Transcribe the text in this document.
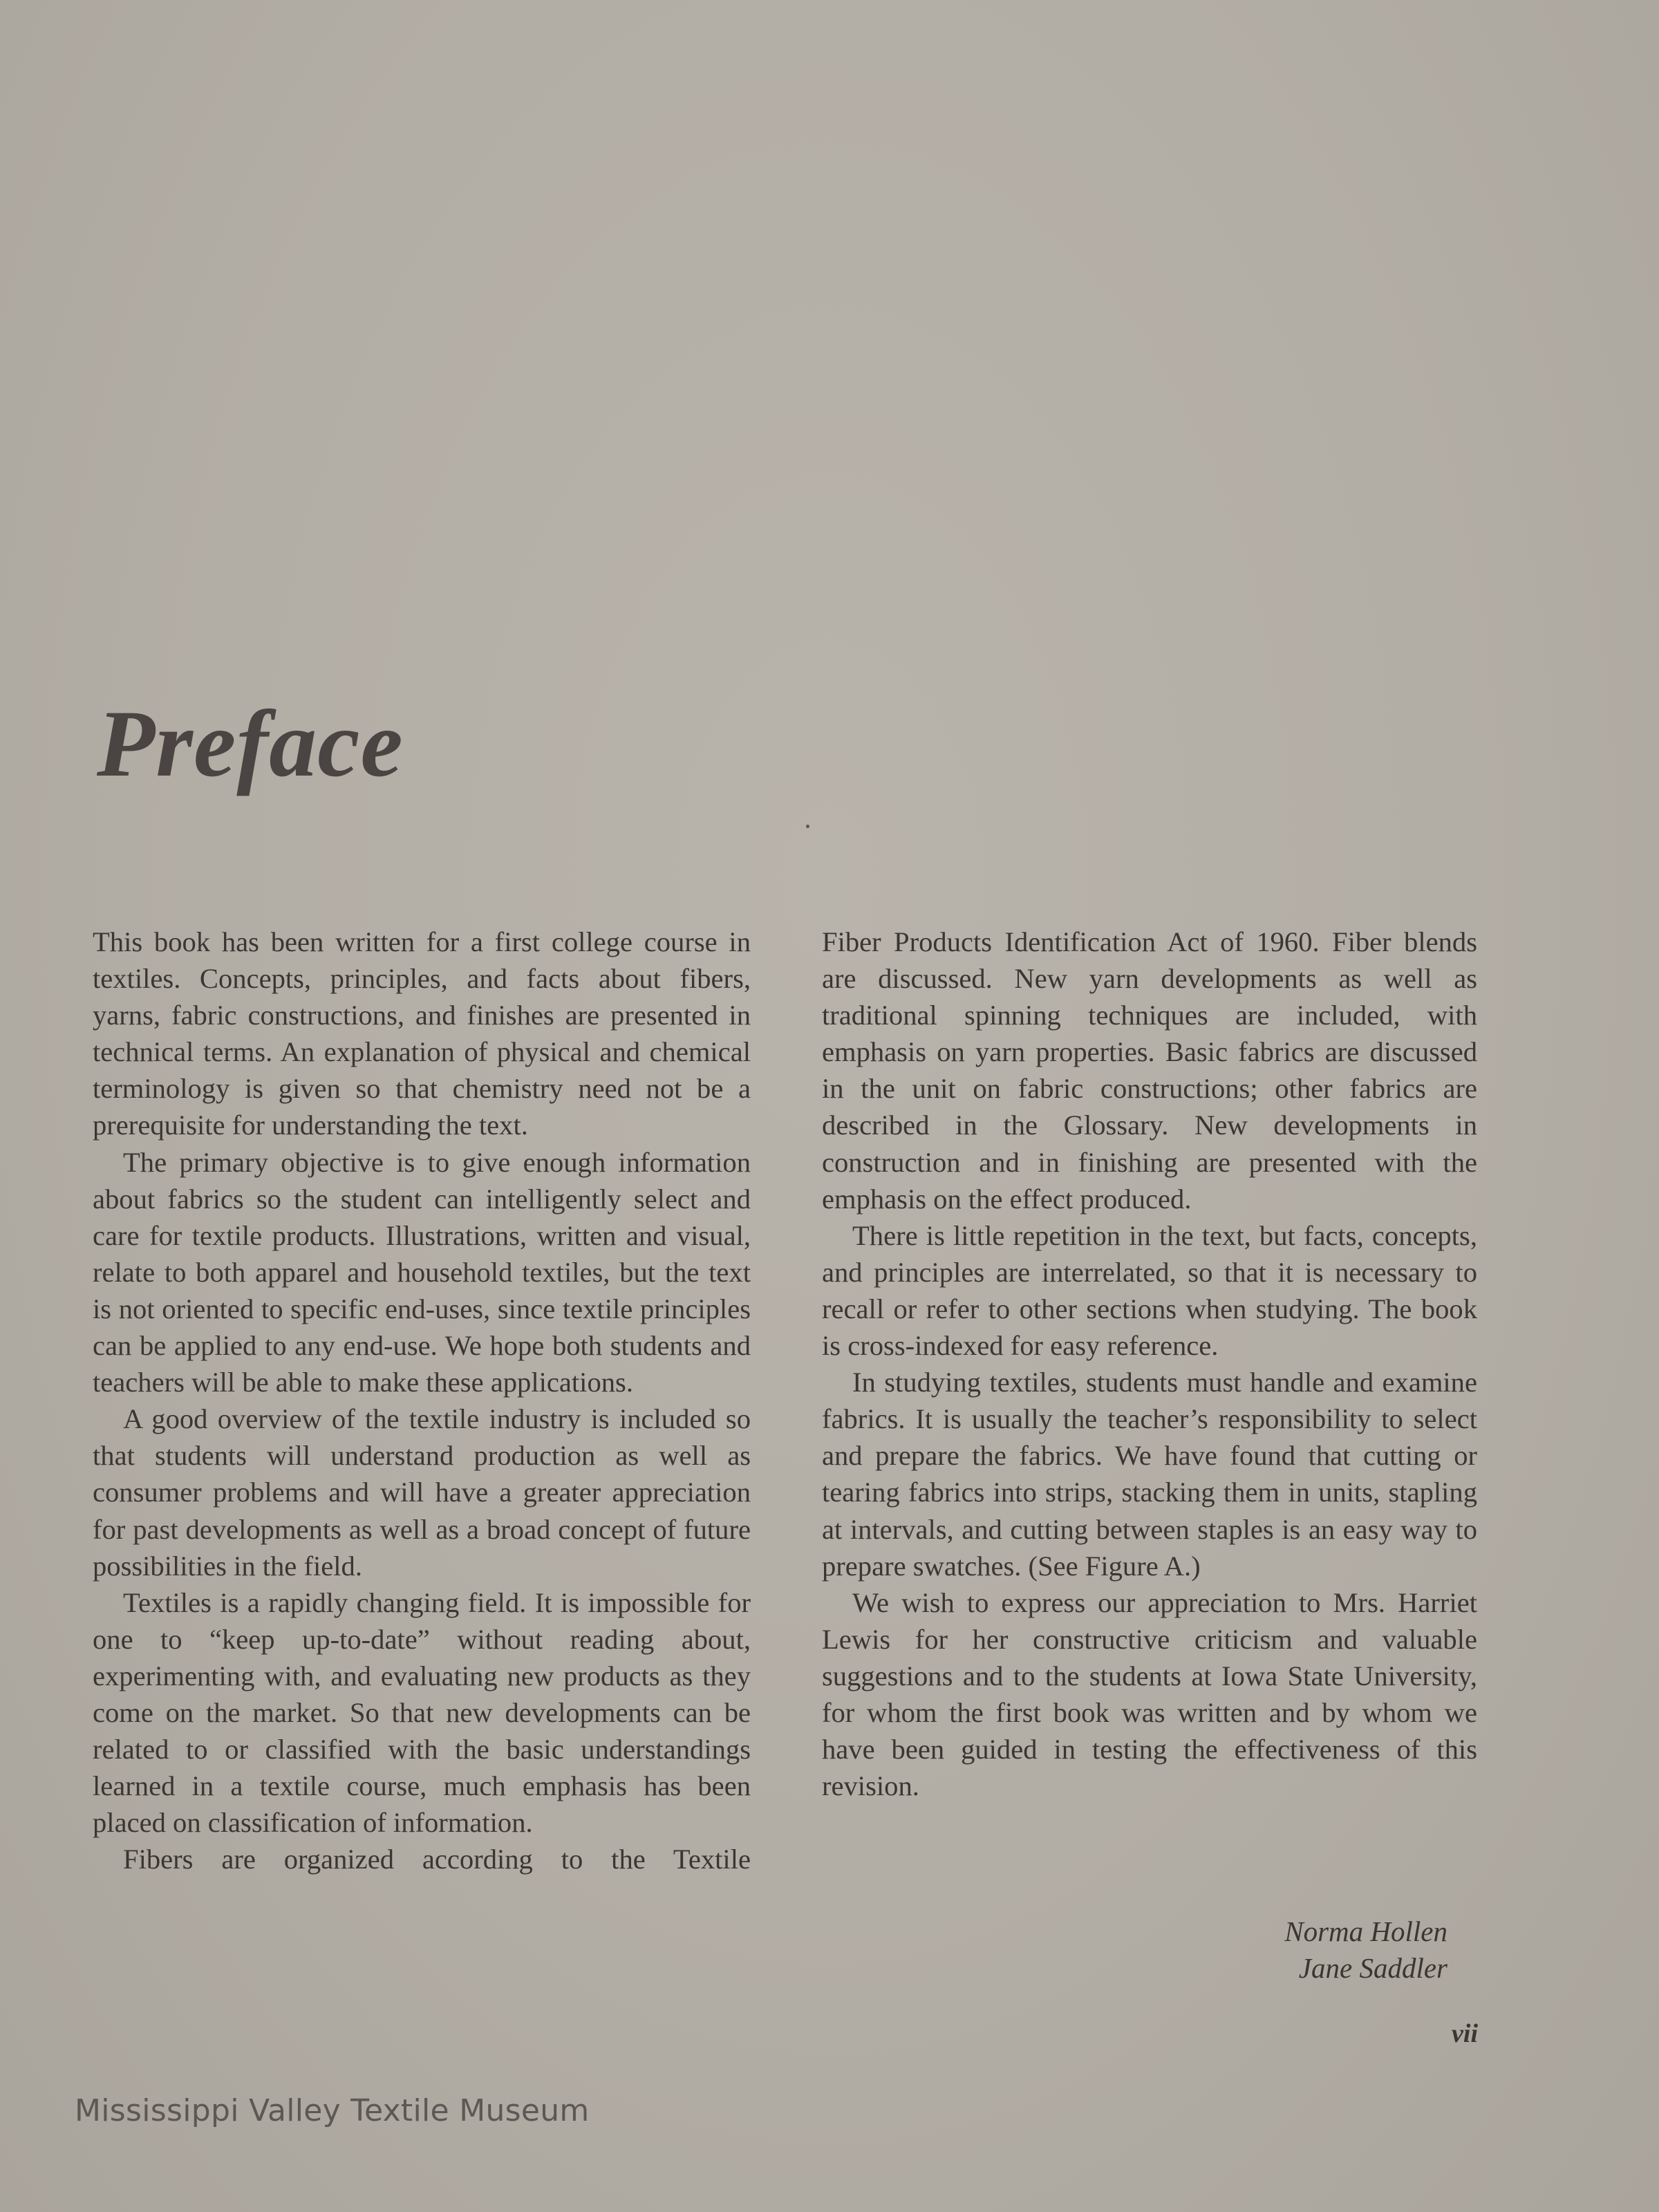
Preface

This book has been written for a first college course in textiles. Concepts, principles, and facts about fibers, yarns, fabric constructions, and finishes are presented in technical terms. An explanation of physical and chemical terminology is given so that chemistry need not be a prerequisite for understanding the text.

The primary objective is to give enough information about fabrics so the student can intelligently select and care for textile products. Illustrations, written and visual, relate to both apparel and household textiles, but the text is not oriented to specific end-uses, since textile principles can be applied to any end-use. We hope both students and teachers will be able to make these applications.

A good overview of the textile industry is included so that students will understand production as well as consumer problems and will have a greater appreciation for past developments as well as a broad concept of future possibilities in the field.

Textiles is a rapidly changing field. It is impossible for one to “keep up-to-date” without reading about, experimenting with, and evaluating new products as they come on the market. So that new developments can be related to or classified with the basic understandings learned in a textile course, much emphasis has been placed on classification of information.

Fibers are organized according to the Textile

Fiber Products Identification Act of 1960. Fiber blends are discussed. New yarn developments as well as traditional spinning techniques are included, with emphasis on yarn properties. Basic fabrics are discussed in the unit on fabric constructions; other fabrics are described in the Glossary. New developments in construction and in finishing are presented with the emphasis on the effect produced.

There is little repetition in the text, but facts, concepts, and principles are interrelated, so that it is necessary to recall or refer to other sections when studying. The book is cross-indexed for easy reference.

In studying textiles, students must handle and examine fabrics. It is usually the teacher’s responsibility to select and prepare the fabrics. We have found that cutting or tearing fabrics into strips, stacking them in units, stapling at intervals, and cutting between staples is an easy way to prepare swatches. (See Figure A.)

We wish to express our appreciation to Mrs. Harriet Lewis for her constructive criticism and valuable suggestions and to the students at Iowa State University, for whom the first book was written and by whom we have been guided in testing the effectiveness of this revision.

Norma Hollen
Jane Saddler
vii
Mississippi Valley Textile Museum
